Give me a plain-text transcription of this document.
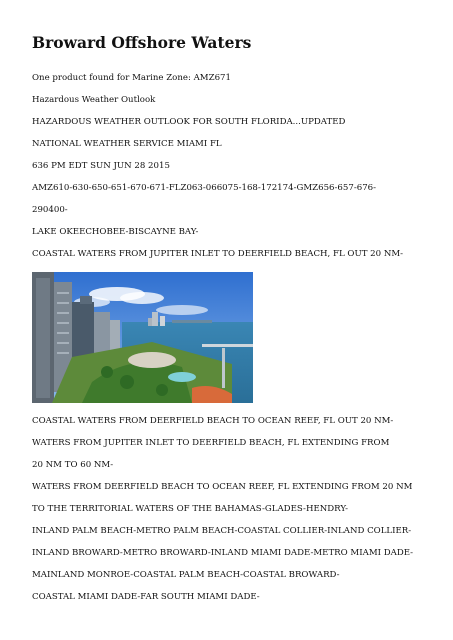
Broward Offshore Waters

One product found for Marine Zone: AMZ671

Hazardous Weather Outlook

HAZARDOUS WEATHER OUTLOOK FOR SOUTH FLORIDA...UPDATED

NATIONAL WEATHER SERVICE MIAMI FL

636 PM EDT SUN JUN 28 2015

AMZ610-630-650-651-670-671-FLZ063-066075-168-172174-GMZ656-657-676-

290400-

LAKE OKEECHOBEE-BISCAYNE BAY-

COASTAL WATERS FROM JUPITER INLET TO DEERFIELD BEACH, FL OUT 20 NM-

COASTAL WATERS FROM DEERFIELD BEACH TO OCEAN REEF, FL OUT 20 NM-

WATERS FROM JUPITER INLET TO DEERFIELD BEACH, FL EXTENDING FROM

20 NM TO 60 NM-

WATERS FROM DEERFIELD BEACH TO OCEAN REEF, FL EXTENDING FROM 20 NM

TO THE TERRITORIAL WATERS OF THE BAHAMAS-GLADES-HENDRY-

INLAND PALM BEACH-METRO PALM BEACH-COASTAL COLLIER-INLAND COLLIER-

INLAND BROWARD-METRO BROWARD-INLAND MIAMI DADE-METRO MIAMI DADE-

MAINLAND MONROE-COASTAL PALM BEACH-COASTAL BROWARD-

COASTAL MIAMI DADE-FAR SOUTH MIAMI DADE-
